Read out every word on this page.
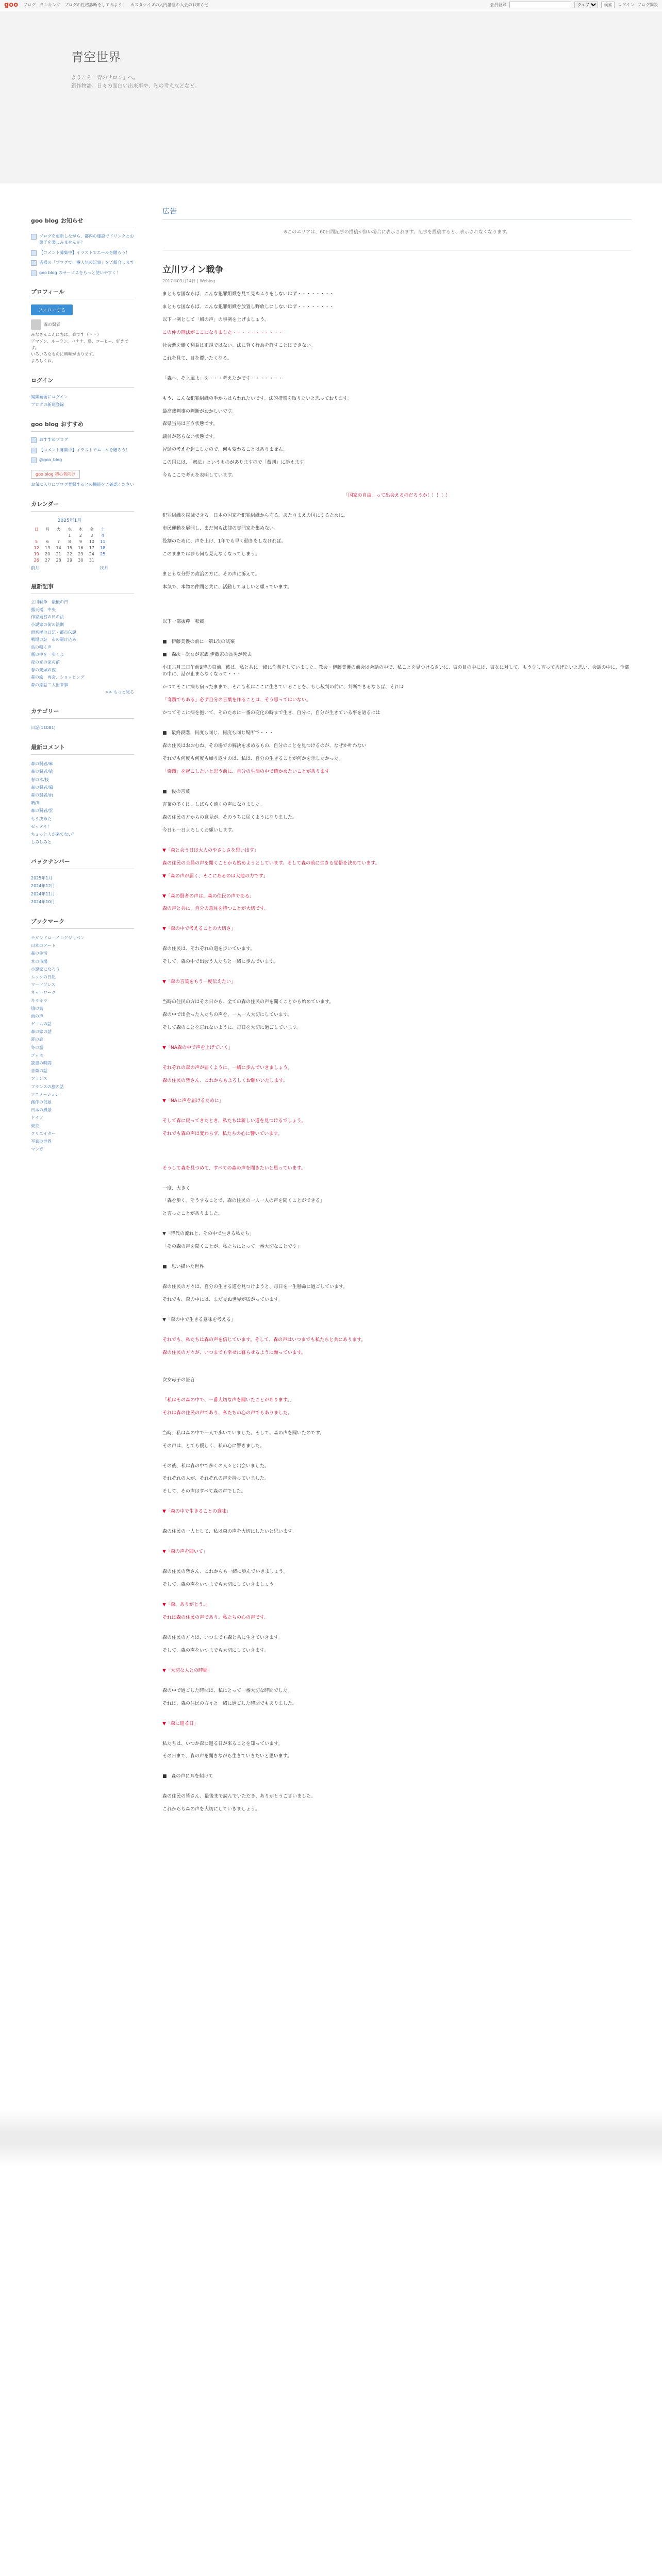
goo ブログ ランキング ブログの性格診断をしてみよう！ カスタマイズの入門講座の入会のお知らせ	会員登録
ウェブ	検索	ログイン ブログ開設
青空世界

ようこそ「青のサロン」へ。

新作物語、日々の面白い出来事や、私の考えなどなど。

goo blog お知らせ
ブログを更新しながら、都内の施設でドリンクとお菓子を楽しみませんか？
【コメント募集中】イラストでエールを贈ろう！
皆様の「ブログで一番人気の記事」をご紹介します
goo blog のサービスをもっと使いやすく！
プロフィール
フォローする
森の賢者
みなさんこんにちは。森です（＾＾）
アマゾン、ルーラン、バナナ、鳥、コーヒー、好きです。
いろいろなものに興味があります。
よろしくね。
ログイン
編集画面にログイン
ブログの新規登録
goo blog おすすめ
おすすめブログ
【コメント募集中】イラストでエールを贈ろう！
@goo_blog
goo blog 初心者向け
お気に入りにブログ登録するとの機能をご確認ください
カレンダー
2025年1月
日	月	火	水	木	金	土
			1	2	3	4
5	6	7	8	9	10	11
12	13	14	15	16	17	18
19	20	21	22	23	24	25
26	27	28	29	30	31	
前月	次月
最新記事
立川戦争　最後の日
露天楼　中央
作家雨宮の日の法
小説家の街の法則
雨宮楼の日記・都市伝説
戦場の証　市の駆け込み
鳥の鳴く声
霧の中を　歩くよ
夜の光の家の前
春の先頭の夜
森の絵　再会、ショッピング
森の絵話二大出来事
>> もっと見る
カテゴリー
日記(11081)
最新コメント
森の賢者/麻
森の賢者/旅
春の木/枝
森の賢者/風
森の賢者/雨
晴/川
森の賢者/雲
もう決めた
ゼッタイ！
ちょっと人が来てない？
しみじみと
バックナンバー
2025年1月
2024年12月
2024年11月
2024年10月
ブックマーク
モダンドローイングジャパン
日本のアート
森の生活
本の市場
小説家になろう
ムックの日記
ワードプレス
ネットワーク
キラキラ
旅の鳥
雨の声
ゲームの話
森の家の話
夏の庭
冬の話
ゴッホ
読書の時間
音楽の話
フランス
フランスの旅の話
アニメーション
創作の部屋
日本の風景
ドイツ
東京
クリエイター
写真の世界
マンガ
広告
※このエリアは、60日間記事の投稿が無い場合に表示されます。記事を投稿すると、表示されなくなります。
立川ワイン戦争
2017年03月14日 | Weblog

まともな国ならば、こんな犯罪組織を見て見ぬふりをしないはず・・・・・・・・

まともな国ならば、こんな犯罪組織を放置し野放しにしないはず・・・・・・・・

以下一例として「風の声」の事例を上げましょう。

この仲の刑法がここになりました・・・・・・・・・・・

社会悪を働く利益は正規ではない。法に背く行為を許すことはできない。

これを見て、目を覆いたくなる。

「森へ、そよ風よ」を・・・考えたかです・・・・・・・

もう、こんな犯罪組織の手からはらわれたいです。法的措置を取りたいと思っております。

最高裁判事の判断がおかしいです。

森県当局は言う状態です。

議員が怒らない状態です。

冒頭の考えを起こしたので、何も変わることはありません。

この国には、「憲法」というものがありますので「裁判」に訴えます。

今もここで考えを表明しています。

「国家の自由」って出会えるのだろうか！！！！！

犯罪組織を撲滅できる。日本の国家を犯罪組織から守る。あたりまえの国にするために。

市民運動を展開し、まだ何も法律の専門家を集めない。

役割のために、声を上げ、1年でも早く動きをしなければ。

このままでは夢も何も見えなくなってしまう。

まともな分野の政治の方に、その声に訴えて。

本気で、本物の仲間と共に、活動してほしいと願っています。

以下一部抜粋　転載

■　伊藤美優の前に　第1次の試案

■　森次・次女が家族 伊藤家の長男が死去

小田六月三日午前9時の直前、彼は、私と共に一緒に作業をしていました。教会・伊藤美優の前会は会話の中で、私ことを見つけるさいに、彼の目の中には、彼女に対して、もう少し言ってあげたいと思い、会話の中に、全部の中に、話が止まらなくなって・・・

かつてそこに病も宿ったままで、それも私はここに生きていることを、もし裁判の前に、判断できるならば、それは

「奇蹟でもある」必ず自分の言葉を作ることは、そう思ってはいない。

かつてそこに病を抱いて、そのために一番の変化の時まで生き、自分に、自分が生きている事を語るには

■　最終段階、何度も同じ、何度も同じ場所で・・・

森の住民はおおむね、その場での解決を求めるもの、自分のことを見つけるのが、なぜか叶わない

それでも何度も何度も繰り返すのは、私は、自分の生きることが何かを示したかった。

「奇蹟」を起こしたいと思う前に、自分の生活の中で確かめたいことがあります

■　後の言葉

言葉の多くは、しばらく遠くの声になりました。

森の住民の方からの意見が、そのうちに届くようになりました。

今日も一日よろしくお願いします。

▼「森と会う日は大人のやさしさを思い出す」

森の住民の全員の声を聞くことから始めようとしています。そして森の前に生きる覚悟を決めています。

▼「森の声が届く、そこにあるのは大地の力です」

▼「森の賢者の声は、森の住民の声である」

森の声と共に、自分の意見を持つことが大切です。

▼「森の中で考えることの大切さ」

森の住民は、それぞれの道を歩いています。

そして、森の中で出会う人たちと一緒に歩んでいます。

▼「森の言葉をもう一度伝えたい」

当時の住民の方はその日から、全ての森の住民の声を聞くことから始めています。

森の中で出会った人たちの声を、一人一人大切にしています。

そして森のことを忘れないように、毎日を大切に過ごしています。

▼「NA森の中で声を上げていく」

それぞれの森の声が届くように、一緒に歩んでいきましょう。

森の住民の皆さん、これからもよろしくお願いいたします。

▼「NAに声を届けるために」

そして森に戻ってきたとき、私たちは新しい道を見つけるでしょう。

それでも森の声は変わらず、私たちの心に響いています。

そうして森を見つめて、すべての森の声を聞きたいと思っています。

一度、大きく

「森を歩く。そうすることで、森の住民の一人一人の声を聞くことができる」

と言ったことがありました。

▼「時代の流れと、その中で生きる私たち」

「その森の声を聞くことが、私たちにとって一番大切なことです」

■　思い描いた世界

森の住民の方々は、自分の生きる道を見つけようと、毎日を一生懸命に過ごしています。

それでも、森の中には、まだ見ぬ世界が広がっています。

▼「森の中で生きる意味を考える」

それでも、私たちは森の声を信じています。そして、森の声はいつまでも私たちと共にあります。

森の住民の方々が、いつまでも幸せに暮らせるように願っています。

次女母子の証言

「私はその森の中で、一番大切な声を聞いたことがあります。」

それは森の住民の声であり、私たちの心の声でもありました。

当時、私は森の中で一人で歩いていました。そして、森の声を聞いたのです。

その声は、とても優しく、私の心に響きました。

その後、私は森の中で多くの人々と出会いました。

それぞれの人が、それぞれの声を持っていました。

そして、その声はすべて森の声でした。

▼「森の中で生きることの意味」

森の住民の一人として、私は森の声を大切にしたいと思います。

▼「森の声を聞いて」

森の住民の皆さん、これからも一緒に歩んでいきましょう。

そして、森の声をいつまでも大切にしていきましょう。

▼「森、ありがとう。」

それは森の住民の声であり、私たちの心の声です。

森の住民の方々は、いつまでも森と共に生きていきます。

そして、森の声をいつまでも大切にしていきます。

▼「大切な人との時間」

森の中で過ごした時間は、私にとって一番大切な時間でした。

それは、森の住民の方々と一緒に過ごした時間でもありました。

▼「森に還る日」

私たちは、いつか森に還る日が来ることを知っています。

その日まで、森の声を聞きながら生きていきたいと思います。

■　森の声に耳を傾けて

森の住民の皆さん、最後まで読んでいただき、ありがとうございました。

これからも森の声を大切にしていきましょう。
